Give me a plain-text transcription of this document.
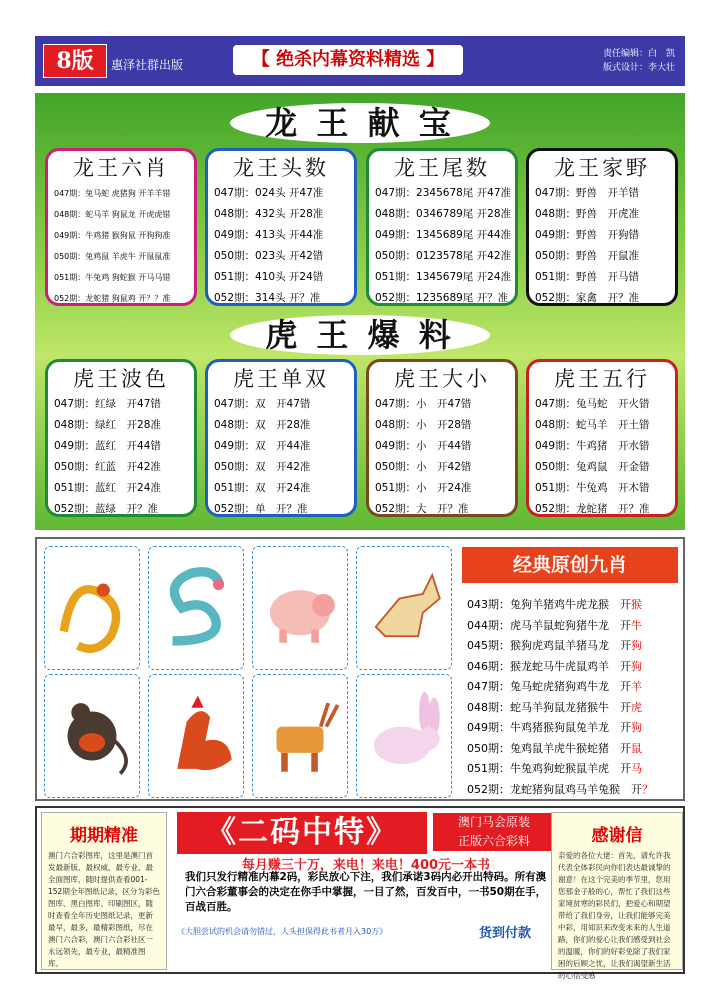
8版	惠泽社群出版	【 绝杀内幕资料精选 】	责任编辑：白　凯
版式设计：李大壮
龙 王 献 宝
龙王六肖
047期：兔马蛇 虎猪狗 开羊羊错
048期：蛇马羊 狗鼠龙 开虎虎错
049期：牛鸡猪 猴狗鼠 开狗狗准
050期：兔鸡鼠 羊虎牛 开鼠鼠准
051期：牛兔鸡 狗蛇猴 开马马错
052期：龙蛇猪 狗鼠鸡 开？？准
龙王头数
047期：024头 开47准
048期：432头 开28准
049期：413头 开44准
050期：023头 开42错
051期：410头 开24错
052期：314头 开？准
龙王尾数
047期：2345678尾 开47准
048期：0346789尾 开28准
049期：1345689尾 开44准
050期：0123578尾 开42准
051期：1345679尾 开24准
052期：1235689尾 开？准
龙王家野
047期：野兽　开羊错
048期：野兽　开虎准
049期：野兽　开狗错
050期：野兽　开鼠准
051期：野兽　开马错
052期：家禽　开？准
虎 王 爆 料
虎王波色
047期：红绿　开47错
048期：绿红　开28准
049期：蓝红　开44错
050期：红蓝　开42准
051期：蓝红　开24准
052期：蓝绿　开？准
虎王单双
047期：双　开47错
048期：双　开28准
049期：双　开44准
050期：双　开42准
051期：双　开24准
052期：单　开？准
虎王大小
047期：小　开47错
048期：小　开28错
049期：小　开44错
050期：小　开42错
051期：小　开24准
052期：大　开？准
虎王五行
047期：兔马蛇　开火错
048期：蛇马羊　开土错
049期：牛鸡猪　开水错
050期：兔鸡鼠　开金错
051期：牛兔鸡　开木错
052期：龙蛇猪　开？准
经典原创九肖
043期：兔狗羊猪鸡牛虎龙猴　开猴
044期：虎马羊鼠蛇狗猪牛龙　开牛
045期：猴狗虎鸡鼠羊猪马龙　开狗
046期：猴龙蛇马牛虎鼠鸡羊　开狗
047期：兔马蛇虎猪狗鸡牛龙　开羊
048期：蛇马羊狗鼠龙猪猴牛　开虎
049期：牛鸡猪猴狗鼠兔羊龙　开狗
050期：兔鸡鼠羊虎牛猴蛇猪　开鼠
051期：牛兔鸡狗蛇猴鼠羊虎　开马
052期：龙蛇猪狗鼠鸡马羊兔猴　开？
期期精准
澳门六合彩图库，这里是澳门首发最新版、最权威、最专业、最全面图库，随时提供查看001-152期全年图纸记录，区分为彩色图库、黑白图库、印刷图区，随时查看全年历史图纸记录，更新最早，最多，最精彩图纸，尽在澳门六合彩，澳门六合彩社区一永远领先，最专业，最精准图库。
《二码中特》	澳门马会原装
正版六合彩料
每月赚三十万，来电！来电！400元一本书
我们只发行精准内幕2码，彩民放心下注，我们承诺3码内必开出特码。所有澳门六合彩董事会的决定在你手中掌握，一目了然，百发百中，一书50期在手，百战百胜。
《大胆尝试的机会请勿错过，人头担保得此书者月入30万》	货到付款
感谢信
亲爱的各位大佬：首先，请允许我代表全体彩民向你们表达最诚挚的谢意！在这个完美的季节里，您用您那金子般的心，帮忙了我们这些家境贫寒的彩民们，把爱心和期望带给了我们身旁，让我们能够完美中彩，用知识来改变未来的人生道路，你们的爱心让我们感受到社会的温暖，你们的好彩免除了我们家困的后顾之忧，让我们渴望新生活的心信受感
